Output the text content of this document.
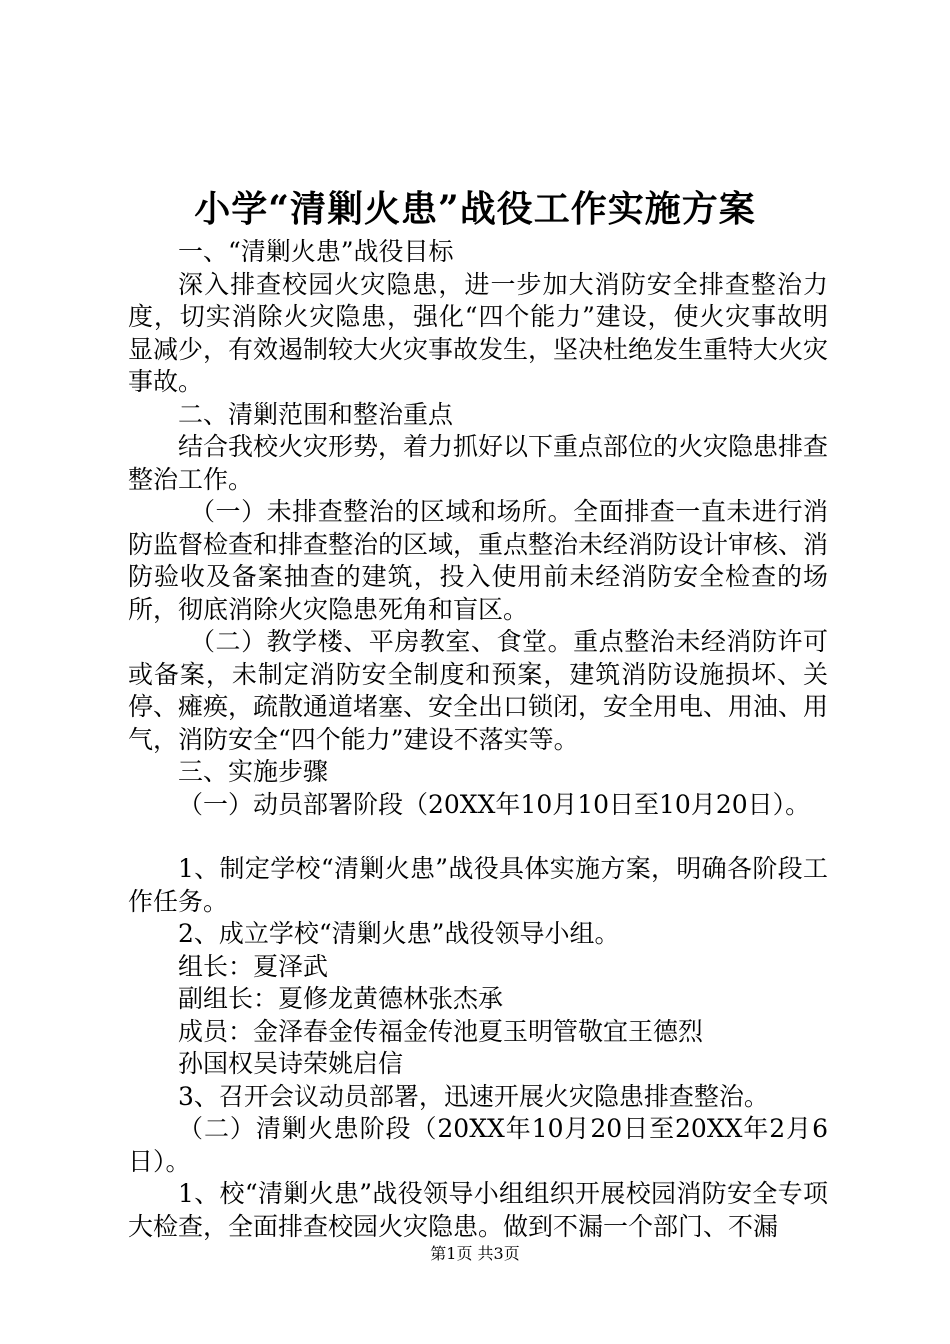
小学“清剿火患”战役工作实施方案

一、“清剿火患”战役目标

深入排查校园火灾隐患，进一步加大消防安全排查整治力度，切实消除火灾隐患，强化“四个能力”建设，使火灾事故明显减少，有效遏制较大火灾事故发生，坚决杜绝发生重特大火灾事故。

二、清剿范围和整治重点

结合我校火灾形势，着力抓好以下重点部位的火灾隐患排查整治工作。

（一）未排查整治的区域和场所。全面排查一直未进行消防监督检查和排查整治的区域，重点整治未经消防设计审核、消防验收及备案抽查的建筑，投入使用前未经消防安全检查的场所，彻底消除火灾隐患死角和盲区。

（二）教学楼、平房教室、食堂。重点整治未经消防许可或备案，未制定消防安全制度和预案，建筑消防设施损坏、关停、瘫痪，疏散通道堵塞、安全出口锁闭，安全用电、用油、用气，消防安全“四个能力”建设不落实等。

三、实施步骤

（一）动员部署阶段（20XX年10月10日至10月20日）。

1、制定学校“清剿火患”战役具体实施方案，明确各阶段工作任务。

2、成立学校“清剿火患”战役领导小组。

组长：夏泽武

副组长：夏修龙黄德林张杰承

成员：金泽春金传福金传池夏玉明管敬宜王德烈

孙国权吴诗荣姚启信

3、召开会议动员部署，迅速开展火灾隐患排查整治。

（二）清剿火患阶段（20XX年10月20日至20XX年2月6日）。

1、校“清剿火患”战役领导小组组织开展校园消防安全专项大检查，全面排查校园火灾隐患。做到不漏一个部门、不漏

第1页 共3页
